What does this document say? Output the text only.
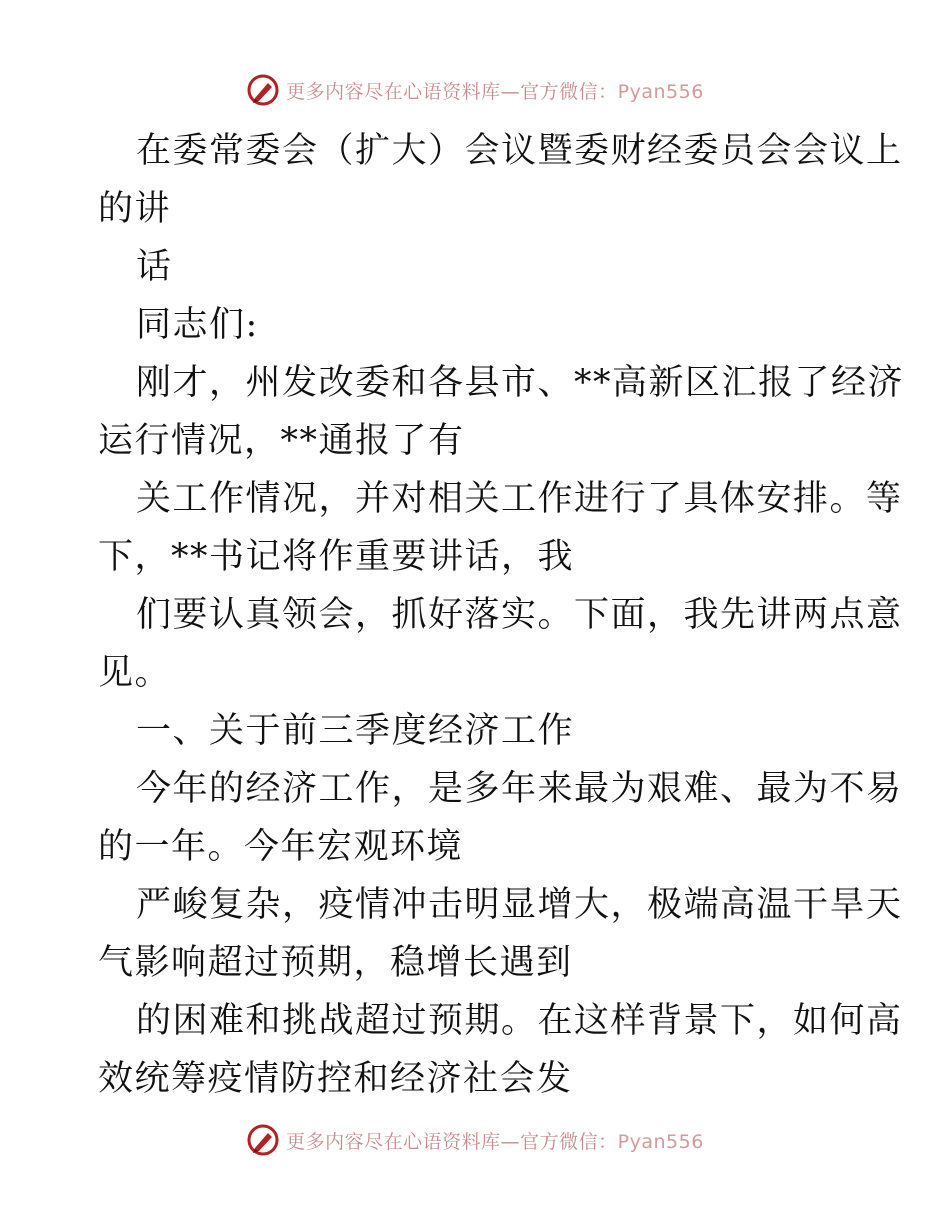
更多内容尽在心语资料库—官方微信：Pyan556
在委常委会（扩大）会议暨委财经委员会会议上
的讲
话
同志们:
刚才，州发改委和各县市、**高新区汇报了经济
运行情况，**通报了有
关工作情况，并对相关工作进行了具体安排。等
下，**书记将作重要讲话，我
们要认真领会，抓好落实。下面，我先讲两点意
见。
一、关于前三季度经济工作
今年的经济工作，是多年来最为艰难、最为不易
的一年。今年宏观环境
严峻复杂，疫情冲击明显增大，极端高温干旱天
气影响超过预期，稳增长遇到
的困难和挑战超过预期。在这样背景下，如何高
效统筹疫情防控和经济社会发
更多内容尽在心语资料库—官方微信：Pyan556
